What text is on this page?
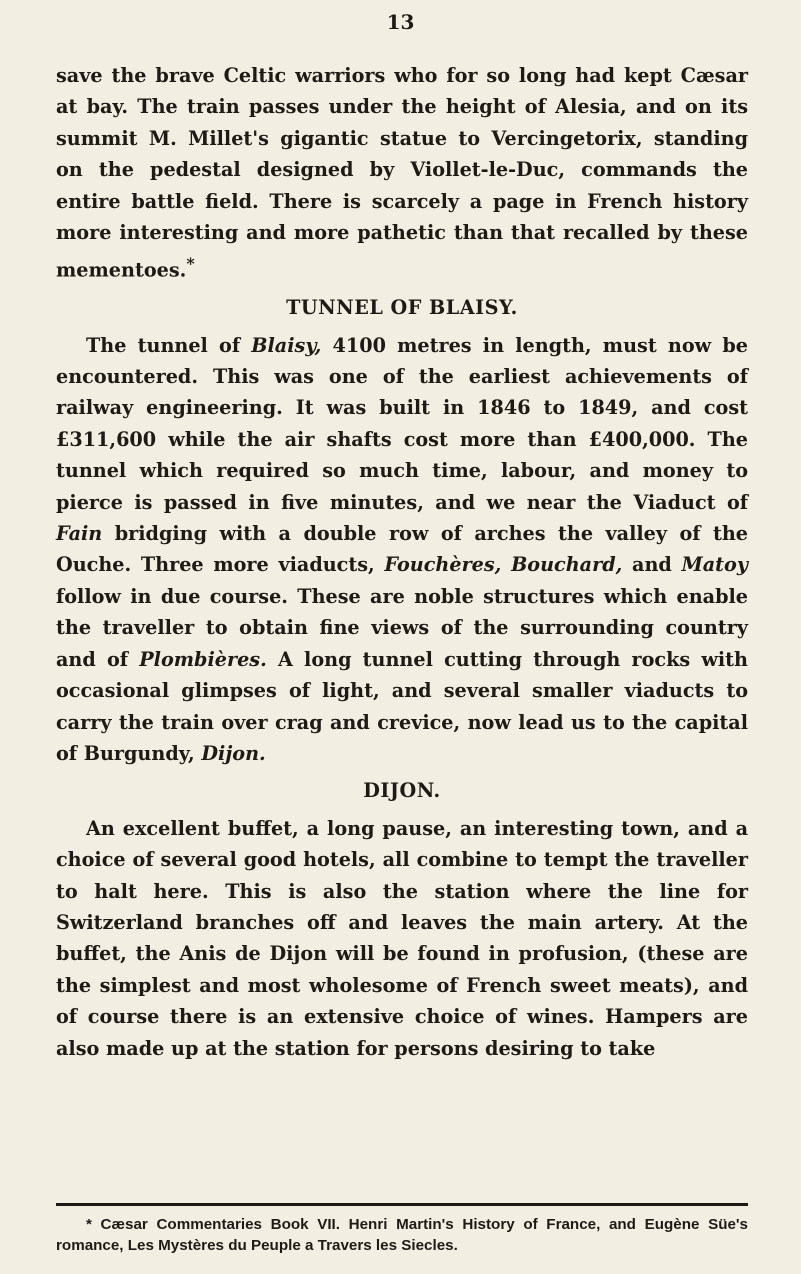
13

save the brave Celtic warriors who for so long had kept Cæsar at bay. The train passes under the height of Alesia, and on its summit M. Millet's gigantic statue to Vercingetorix, standing on the pedestal designed by Viollet-le-Duc, commands the entire battle field. There is scarcely a page in French history more interesting and more pathetic than that recalled by these mementoes.*

TUNNEL OF BLAISY.

The tunnel of Blaisy, 4100 metres in length, must now be encountered. This was one of the earliest achievements of railway engineering. It was built in 1846 to 1849, and cost £311,600 while the air shafts cost more than £400,000. The tunnel which required so much time, labour, and money to pierce is passed in five minutes, and we near the Viaduct of Fain bridging with a double row of arches the valley of the Ouche. Three more viaducts, Fouchères, Bouchard, and Matoy follow in due course. These are noble structures which enable the traveller to obtain fine views of the surrounding country and of Plombières. A long tunnel cutting through rocks with occasional glimpses of light, and several smaller viaducts to carry the train over crag and crevice, now lead us to the capital of Burgundy, Dijon.

DIJON.

An excellent buffet, a long pause, an interesting town, and a choice of several good hotels, all combine to tempt the traveller to halt here. This is also the station where the line for Switzerland branches off and leaves the main artery. At the buffet, the Anis de Dijon will be found in profusion, (these are the simplest and most wholesome of French sweet meats), and of course there is an extensive choice of wines. Hampers are also made up at the station for persons desiring to take

* Cæsar Commentaries Book VII. Henri Martin's History of France, and Eugène Süe's romance, Les Mystères du Peuple a Travers les Siecles.
